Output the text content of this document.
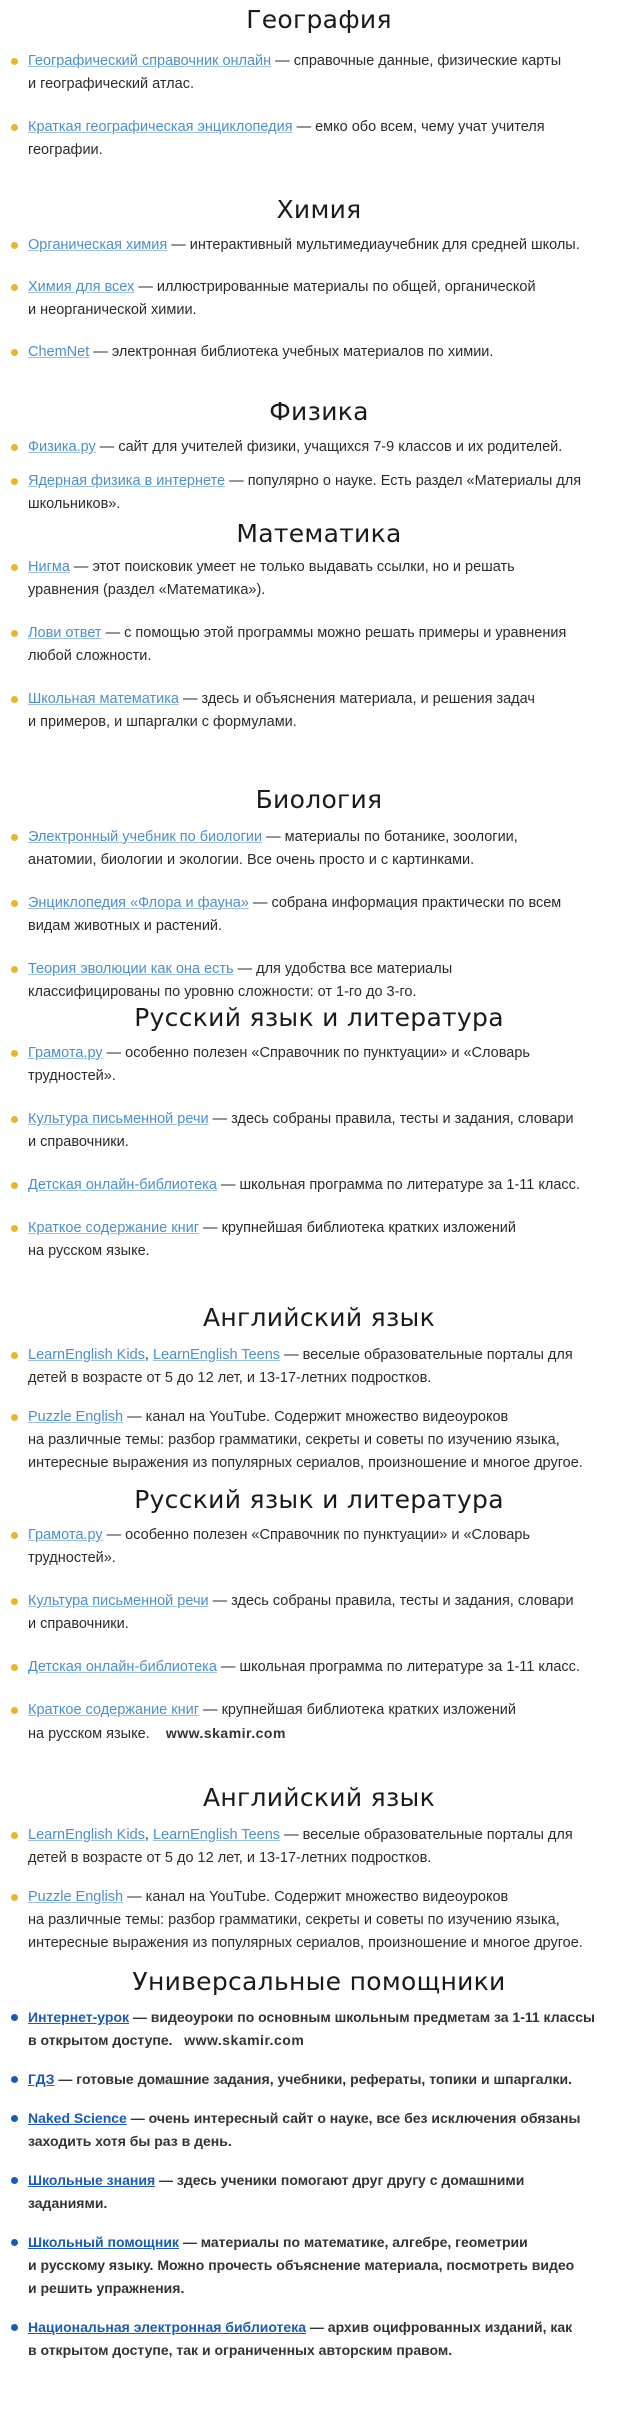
География
Географический справочник онлайн — справочные данные, физические карты
и географический атлас.
Краткая географическая энциклопедия — емко обо всем, чему учат учителя
географии.
Химия
Органическая химия — интерактивный мультимедиаучебник для средней школы.
Химия для всех — иллюстрированные материалы по общей, органической
и неорганической химии.
ChemNet — электронная библиотека учебных материалов по химии.
Физика
Физика.ру — сайт для учителей физики, учащихся 7-9 классов и их родителей.
Ядерная физика в интернете — популярно о науке. Есть раздел «Материалы для
школьников».
Математика
Нигма — этот поисковик умеет не только выдавать ссылки, но и решать
уравнения (раздел «Математика»).
Лови ответ — с помощью этой программы можно решать примеры и уравнения
любой сложности.
Школьная математика — здесь и объяснения материала, и решения задач
и примеров, и шпаргалки с формулами.
Биология
Электронный учебник по биологии — материалы по ботанике, зоологии,
анатомии, биологии и экологии. Все очень просто и с картинками.
Энциклопедия «Флора и фауна» — собрана информация практически по всем
видам животных и растений.
Теория эволюции как она есть — для удобства все материалы
классифицированы по уровню сложности: от 1-го до 3-го.
Русский язык и литература
Грамота.ру — особенно полезен «Справочник по пунктуации» и «Словарь
трудностей».
Культура письменной речи — здесь собраны правила, тесты и задания, словари
и справочники.
Детская онлайн-библиотека — школьная программа по литературе за 1-11 класс.
Краткое содержание книг — крупнейшая библиотека кратких изложений
на русском языке.
Английский язык
LearnEnglish Kids, LearnEnglish Teens — веселые образовательные порталы для
детей в возрасте от 5 до 12 лет, и 13-17-летних подростков.
Puzzle English — канал на YouTube. Содержит множество видеоуроков
на различные темы: разбор грамматики, секреты и советы по изучению языка,
интересные выражения из популярных сериалов, произношение и многое другое.
Русский язык и литература
Грамота.ру — особенно полезен «Справочник по пунктуации» и «Словарь
трудностей».
Культура письменной речи — здесь собраны правила, тесты и задания, словари
и справочники.
Детская онлайн-библиотека — школьная программа по литературе за 1-11 класс.
Краткое содержание книг — крупнейшая библиотека кратких изложений
на русском языке. www.skamir.com
Английский язык
LearnEnglish Kids, LearnEnglish Teens — веселые образовательные порталы для
детей в возрасте от 5 до 12 лет, и 13-17-летних подростков.
Puzzle English — канал на YouTube. Содержит множество видеоуроков
на различные темы: разбор грамматики, секреты и советы по изучению языка,
интересные выражения из популярных сериалов, произношение и многое другое.
Универсальные помощники
Интернет-урок — видеоуроки по основным школьным предметам за 1-11 классы
в открытом доступе. www.skamir.com
ГДЗ — готовые домашние задания, учебники, рефераты, топики и шпаргалки.
Naked Science — очень интересный сайт о науке, все без исключения обязаны
заходить хотя бы раз в день.
Школьные знания — здесь ученики помогают друг другу с домашними
заданиями.
Школьный помощник — материалы по математике, алгебре, геометрии
и русскому языку. Можно прочесть объяснение материала, посмотреть видео
и решить упражнения.
Национальная электронная библиотека — архив оцифрованных изданий, как
в открытом доступе, так и ограниченных авторским правом.
